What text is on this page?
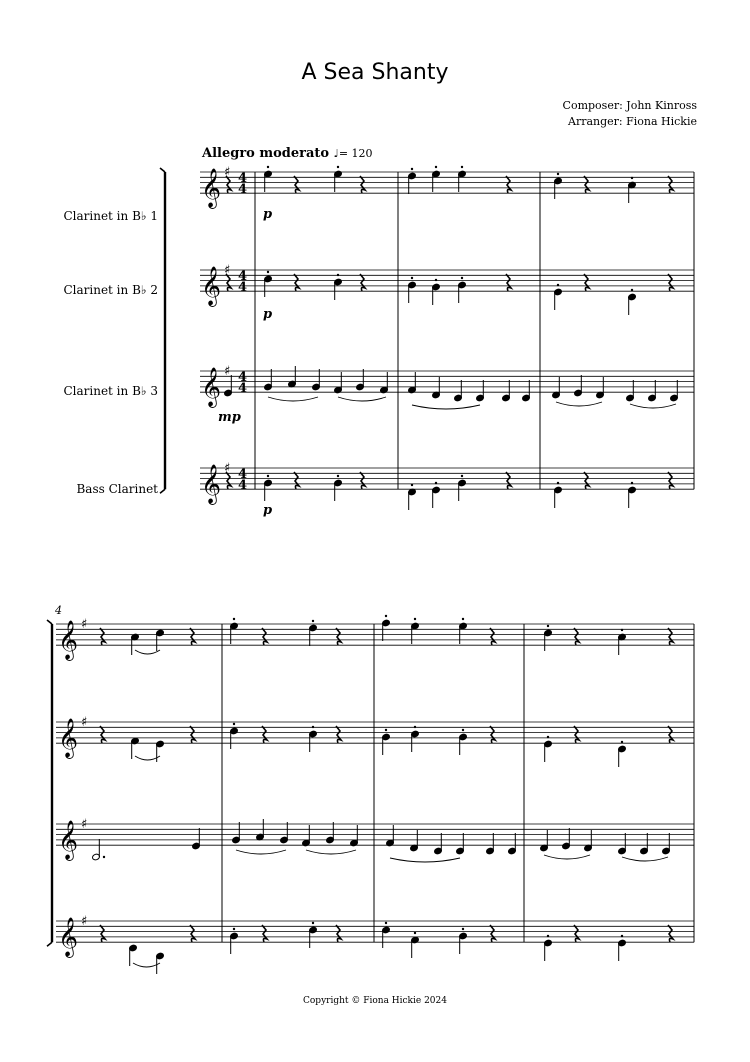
A Sea Shanty
Composer: John Kinross
Arranger: Fiona Hickie
Allegro moderato ♩= 120
Clarinet in B♭ 1
Clarinet in B♭ 2
Clarinet in B♭ 3
Bass Clarinet
𝄞 ♯ 4
4
𝄞 ♯ 4
4
𝄞 ♯ 4
4
𝄞 ♯ 4
4
p
p
mp
p
4
𝄞 ♯
𝄞 ♯
𝄞 ♯
𝄞 ♯
Copyright © Fiona Hickie 2024
